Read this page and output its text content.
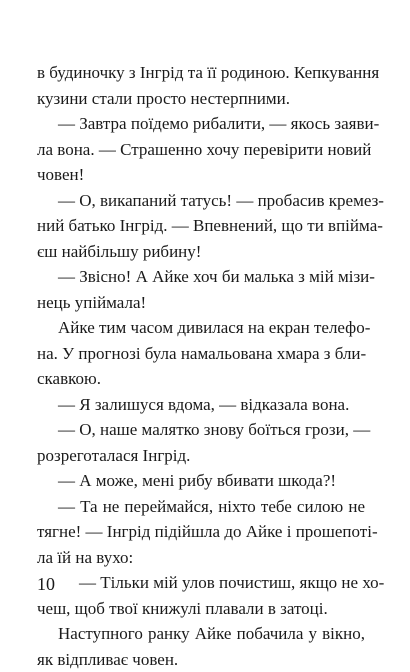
в будиночку з Інгрід та її родиною. Кепкування
кузини стали просто нестерпними.
— Завтра поїдемо рибалити, — якось заяви-
ла вона. — Страшенно хочу перевірити новий
човен!
— О, викапаний татусь! — пробасив кремез-
ний батько Інгрід. — Впевнений, що ти впіймa-
єш найбільшу рибину!
— Звісно! А Айке хоч би малька з мій мізи-
нець упіймала!
Айке тим часом дивилася на екран телефо-
на. У прогнозі була намальована хмара з бли-
скавкою.
— Я залишуся вдома, — відказала вона.
— О, наше малятко знову боїться грози, —
розреготалася Інгрід.
— А може, мені рибу вбивати шкода?!
— Та не переймайся, ніхто тебе силою не
тягне! — Інгрід підійшла до Айке і прошепоті-
ла їй на вухо:
— Тільки мій улов почистиш, якщо не хо-
чеш, щоб твої книжулі плавали в затоці.
Наступного ранку Айке побачила у вікно,
як відпливає човен.
10
